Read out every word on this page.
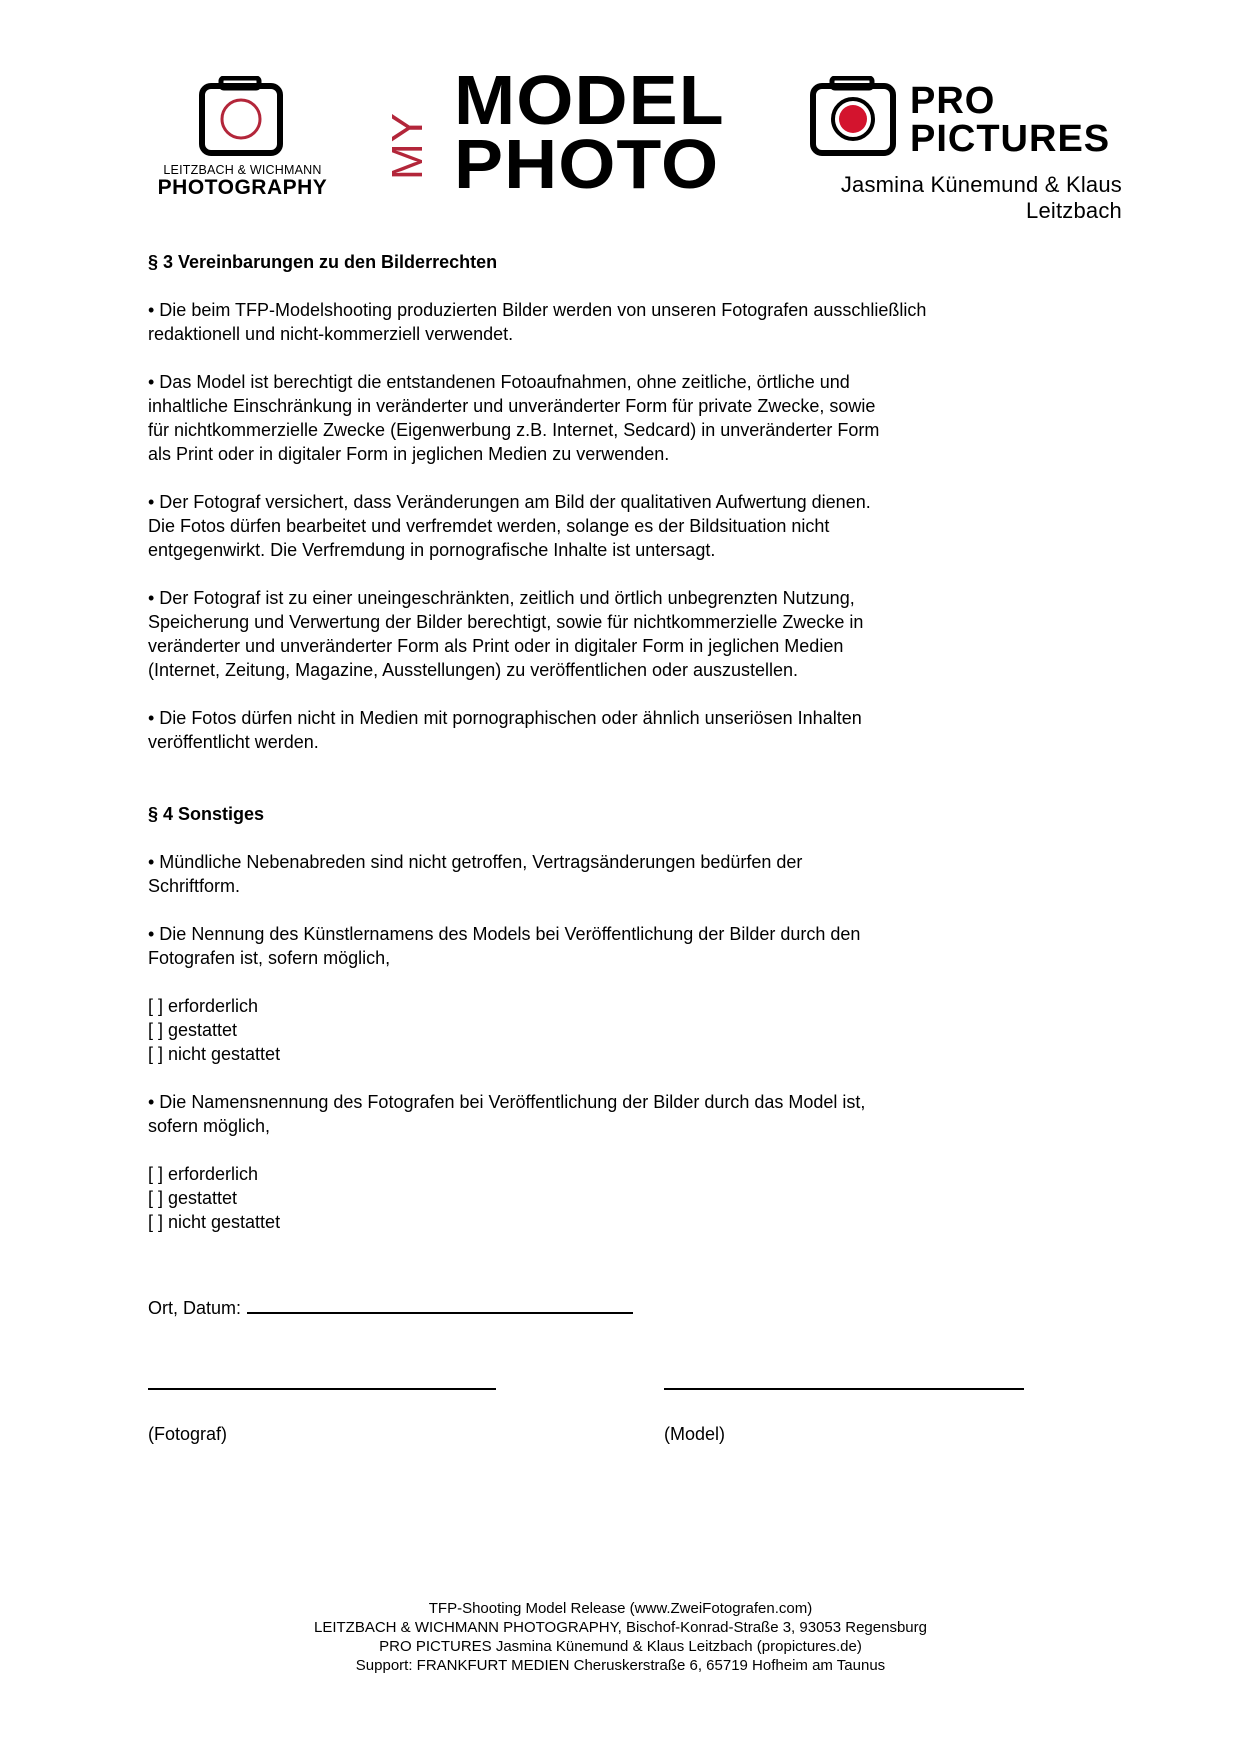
LEITZBACH & WICHMANN
PHOTOGRAPHY
MY
MODEL
PHOTO
PRO
PICTURES
Jasmina Künemund & Klaus Leitzbach

§ 3 Vereinbarungen zu den Bilderrechten

• Die beim TFP-Modelshooting produzierten Bilder werden von unseren Fotografen ausschließlich

redaktionell und nicht-kommerziell verwendet.

• Das Model ist berechtigt die entstandenen Fotoaufnahmen, ohne zeitliche, örtliche und

inhaltliche Einschränkung in veränderter und unveränderter Form für private Zwecke, sowie

für nichtkommerzielle Zwecke (Eigenwerbung z.B. Internet, Sedcard) in unveränderter Form

als Print oder in digitaler Form in jeglichen Medien zu verwenden.

• Der Fotograf versichert, dass Veränderungen am Bild der qualitativen Aufwertung dienen.

Die Fotos dürfen bearbeitet und verfremdet werden, solange es der Bildsituation nicht

entgegenwirkt. Die Verfremdung in pornografische Inhalte ist untersagt.

• Der Fotograf ist zu einer uneingeschränkten, zeitlich und örtlich unbegrenzten Nutzung,

Speicherung und Verwertung der Bilder berechtigt, sowie für nichtkommerzielle Zwecke in

veränderter und unveränderter Form als Print oder in digitaler Form in jeglichen Medien

(Internet, Zeitung, Magazine, Ausstellungen) zu veröffentlichen oder auszustellen.

• Die Fotos dürfen nicht in Medien mit pornographischen oder ähnlich unseriösen Inhalten

veröffentlicht werden.

§ 4 Sonstiges

• Mündliche Nebenabreden sind nicht getroffen, Vertragsänderungen bedürfen der

Schriftform.

• Die Nennung des Künstlernamens des Models bei Veröffentlichung der Bilder durch den

Fotografen ist, sofern möglich,

[ ] erforderlich

[ ] gestattet

[ ] nicht gestattet

• Die Namensnennung des Fotografen bei Veröffentlichung der Bilder durch das Model ist,

sofern möglich,

[ ] erforderlich

[ ] gestattet

[ ] nicht gestattet

Ort, Datum:
(Fotograf)	(Model)
TFP-Shooting Model Release (www.ZweiFotografen.com)
LEITZBACH & WICHMANN PHOTOGRAPHY, Bischof-Konrad-Straße 3, 93053 Regensburg
PRO PICTURES Jasmina Künemund & Klaus Leitzbach (propictures.de)
Support: FRANKFURT MEDIEN Cheruskerstraße 6, 65719 Hofheim am Taunus
